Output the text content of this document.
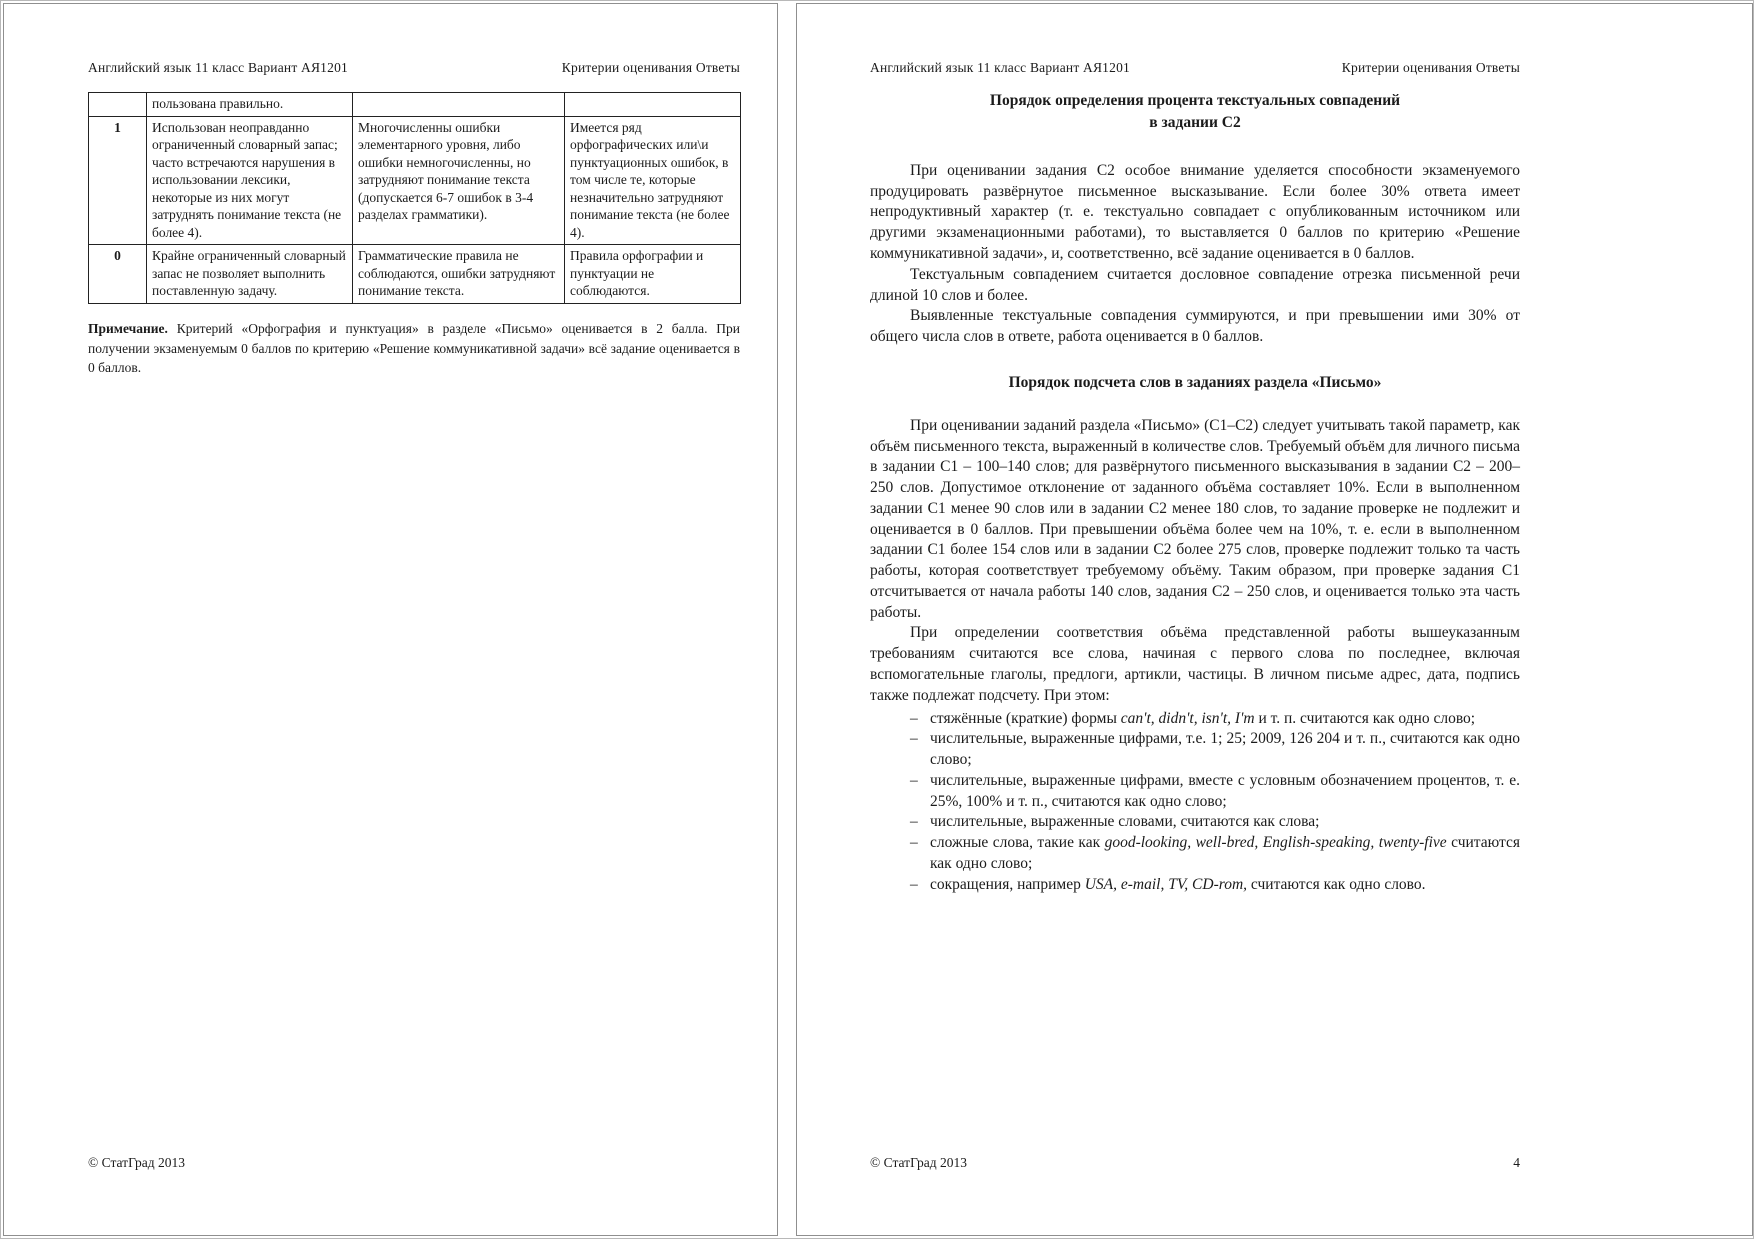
Английский язык 11 класс Вариант АЯ1201	Критерии оценивания Ответы
	пользована правильно.		
1	Использован неоправданно ограниченный словарный запас; часто встречаются нарушения в использовании лексики, некоторые из них могут затруднять понимание текста (не более 4).	Многочисленны ошибки элементарного уровня, либо ошибки немногочисленны, но затрудняют понимание текста (допускается 6-7 ошибок в 3-4 разделах грамматики).	Имеется ряд орфографических или\и пунктуационных ошибок, в том числе те, которые незначительно затрудняют понимание текста (не более 4).
0	Крайне ограниченный словарный запас не позволяет выполнить поставленную задачу.	Грамматические правила не соблюдаются, ошибки затрудняют понимание текста.	Правила орфографии и пунктуации не соблюдаются.
Примечание. Критерий «Орфография и пунктуация» в разделе «Письмо» оценивается в 2 балла. При получении экзаменуемым 0 баллов по критерию «Решение коммуникативной задачи» всё задание оценивается в 0 баллов.
© СтатГрад 2013
Английский язык 11 класс Вариант АЯ1201	Критерии оценивания Ответы
Порядок определения процента текстуальных совпадений
в задании С2

При оценивании задания С2 особое внимание уделяется способности экзаменуемого продуцировать развёрнутое письменное высказывание. Если более 30% ответа имеет непродуктивный характер (т. е. текстуально совпадает с опубликованным источником или другими экзаменационными работами), то выставляется 0 баллов по критерию «Решение коммуникативной задачи», и, соответственно, всё задание оценивается в 0 баллов.

Текстуальным совпадением считается дословное совпадение отрезка письменной речи длиной 10 слов и более.

Выявленные текстуальные совпадения суммируются, и при превышении ими 30% от общего числа слов в ответе, работа оценивается в 0 баллов.

Порядок подсчета слов в заданиях раздела «Письмо»

При оценивании заданий раздела «Письмо» (С1–С2) следует учитывать такой параметр, как объём письменного текста, выраженный в количестве слов. Требуемый объём для личного письма в задании С1 – 100–140 слов; для развёрнутого письменного высказывания в задании С2 – 200–250 слов. Допустимое отклонение от заданного объёма составляет 10%. Если в выполненном задании С1 менее 90 слов или в задании С2 менее 180 слов, то задание проверке не подлежит и оценивается в 0 баллов. При превышении объёма более чем на 10%, т. е. если в выполненном задании С1 более 154 слов или в задании С2 более 275 слов, проверке подлежит только та часть работы, которая соответствует требуемому объёму. Таким образом, при проверке задания С1 отсчитывается от начала работы 140 слов, задания С2 – 250 слов, и оценивается только эта часть работы.

При определении соответствия объёма представленной работы вышеуказанным требованиям считаются все слова, начиная с первого слова по последнее, включая вспомогательные глаголы, предлоги, артикли, частицы. В личном письме адрес, дата, подпись также подлежат подсчету. При этом:

– стяжённые (краткие) формы can't, didn't, isn't, I'm и т. п. считаются как одно слово;
– числительные, выраженные цифрами, т.е. 1; 25; 2009, 126 204 и т. п., считаются как одно слово;
– числительные, выраженные цифрами, вместе с условным обозначением процентов, т. е. 25%, 100% и т. п., считаются как одно слово;
– числительные, выраженные словами, считаются как слова;
– сложные слова, такие как good-looking, well-bred, English-speaking, twenty-five считаются как одно слово;
– сокращения, например USA, e-mail, TV, CD-rom, считаются как одно слово.
© СтатГрад 2013	4
